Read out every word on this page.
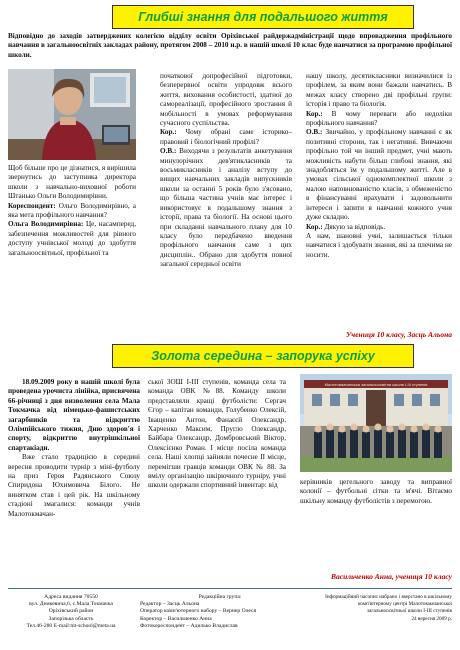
Глибші знання для подальшого життя
Відповідно до заходів затверджених колегією відділу освіти Оріхівської райдержадміністрації щодо впровадження профільного навчання в загальноосвітніх закладах району, протягом 2008 – 2010 н.р. в нашій школі 10 клас буде навчатися за програмою профільної школи.

Щоб більше про це дізнатися, я вирішила звернутись до заступника директора школи з навчально-виховної роботи Штанько Ольги Володимирівни.

Кореспондент: Ольго Володимирівно, а яка мета профільного навчання?

Ольга Володимирівна: Це, насамперед, забезпечення можливостей для рівного доступу учнівської молоді до здобуття загальноосвітньої, профільної та

початкової допрофесійної підготовки, безперервної освіти упродовж всього життя, виховання особистості, здатної до самореалізації, професійного зростання й мобільності в умовах реформування сучасного суспільства.

Кор.: Чому обрані саме історико–правовий і біологічний профілі?

О.В.: Виходячи з результатів анкетування минулорічних дев'ятикласників та восьмикласників і аналізу вступу до вищих навчальних закладів випускників школи за останні 5 років було з'ясовано, що більша частина учнів має інтерес і використовує в подальшому знання з історії, права та біології. На основі цього при складанні навчального плану для 10 класу було передбачено введення профільного навчання саме з цих дисциплін.. Обрано для здобуття повної загальної середньої освіти

нашу школу, десятикласники визначилися із профілем, за яким вони бажали навчатись. В межах класу створено дві профільні групи: історія і право та біологія.

Кор.: В чому переваги або недоліки профільного навчання?

О.В.: Звичайно, у профільному навчанні є як позитивні сторони, так і негативні. Вивчаючи профільно той чи інший предмет, учні мають можливість набути більш глибокі знання, які знадобляться їм у подальшому житті. Але в умовах сільської однокомплектної школи з малою наповнюваністю класів, з обмеженістю в фінансуванні врахувати і задовольнити інтереси і запити в навчанні кожного учня дуже складно.

Кор.: Дякую за відповідь.

А нам, шановні учні, залишається тільки навчатися і здобувати знання, які за плечима не носити.

Учениця 10 класу, Засць Альона
Золота середина – запорука успіху

18.09.2009 року в нашій школі була проведена урочиста лінійка, присвячена 66-річниці з дня визволення села Мала Токмачка від німецько-фашистських загарбників та відкриттю Олімпійського тижня, Дню здоров'я і спорту, відкриттю внутрішкільної спартакіади.

Вже стало традицією в середині вересня проводити турнір з міні-футболу на приз Героя Радянського Союзу Спиридона Юхимовича Білого. Не винятком став і цей рік. На шкільному стадіоні змагалися: команди учнів Малотокмачан-

ської ЗОШ I-III ступенів, команда села та команда ОВК №88. Команду школи представляли кращі футболісти: Сергач Єгор – капітан команди, Голубенко Олексій, Іващенко Антон, Фанаєєй Олександр, Харченко Максим, Пругло Олександр, Байбара Олександр, Домбровський Віктор, Олексієнко Роман. І місце посіла команда села. Наші хлопці зайняли почесне II місце, перемігши гравців команди ОВК № 88. За вмілу організацію шкірючного турніру, учні школи одержали спортивний інвентар: від

Малотокмачанська загальноосвітня школа I-III ступенів

керівників цегельного заводу та виправної колонії – футбольні сітки та м'ячі. Вітаємо шкільну команду футболістів з перемогою.

Васильченко Анна, учениця 10 класу
Адреса видання 70550
вул. Демкевича,6, с.Мала Токмачка
Оріхівський район
Запорізька область
Тел.46-280 E-mail:mt-school@meta.ua
Редакційна група:
Редактор – Засць Альона
Оператор комп'ютерного набору – Вернер Олеся
Коректор – Васильченко Анна
Фотокореспондент – Адилько Владислав
Інформаційний часопис набрано і зверстано в шкільному
комп'ютерному центрі Малотокмачанської
загальноосвітньої школи I-III ступенів
24 вересня 2009 р.
